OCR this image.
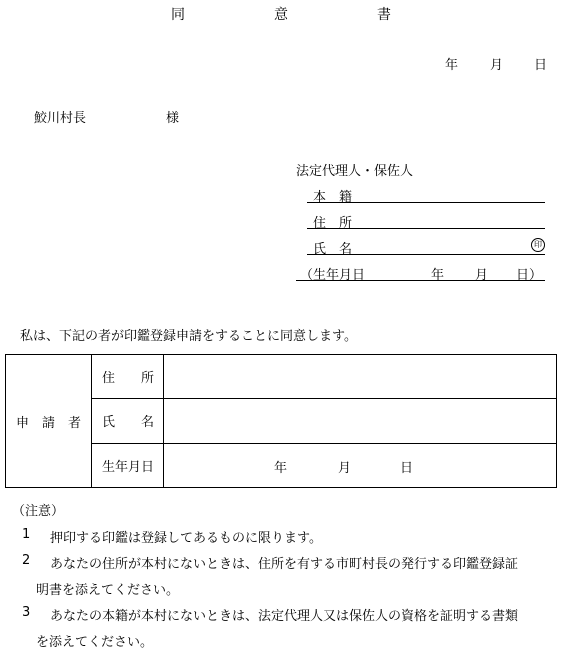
同	意	書
年 月 日
鮫川村長	様
法定代理人・保佐人
本　籍
住　所
氏　名	印
（生年月日	年 月 日）
私は、下記の者が印鑑登録申請をすることに同意します。
申　請　者	住　　所	
	氏　　名	
	生年月日	年 月 日
（注意）
1 押印する印鑑は登録してあるものに限ります。
2 あなたの住所が本村にないときは、住所を有する市町村長の発行する印鑑登録証
明書を添えてください。
3 あなたの本籍が本村にないときは、法定代理人又は保佐人の資格を証明する書類
を添えてください。
